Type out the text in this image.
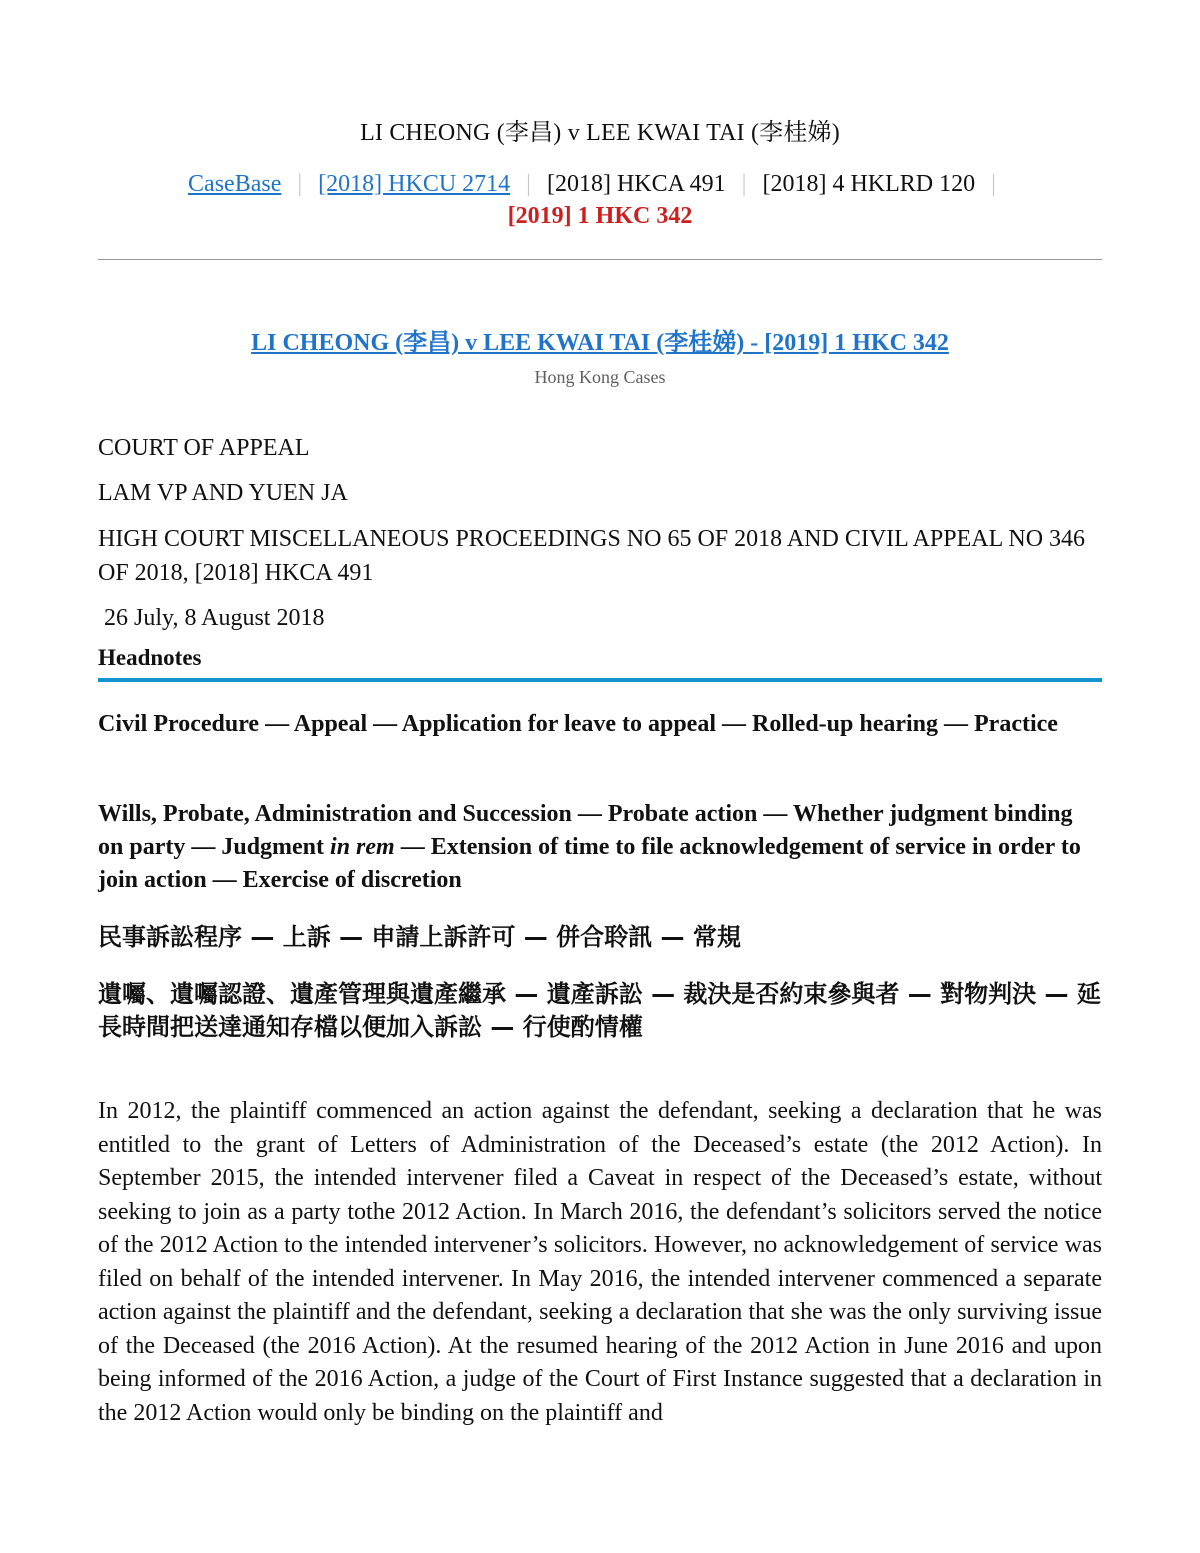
LI CHEONG (李昌) v LEE KWAI TAI (李桂娣)
CaseBase | [2018] HKCU 2714 | [2018] HKCA 491 | [2018] 4 HKLRD 120 |
[2019] 1 HKC 342
LI CHEONG (李昌) v LEE KWAI TAI (李桂娣) - [2019] 1 HKC 342
Hong Kong Cases
COURT OF APPEAL
LAM VP AND YUEN JA
HIGH COURT MISCELLANEOUS PROCEEDINGS NO 65 OF 2018 AND CIVIL APPEAL NO 346 OF 2018, [2018] HKCA 491
26 July, 8 August 2018
Headnotes
Civil Procedure — Appeal — Application for leave to appeal — Rolled-up hearing — Practice
Wills, Probate, Administration and Succession — Probate action — Whether judgment binding on party — Judgment in rem — Extension of time to file acknowledgement of service in order to join action — Exercise of discretion
民事訴訟程序 — 上訴 — 申請上訴許可 — 併合聆訊 — 常規
遺囑、遺囑認證、遺產管理與遺產繼承 — 遺產訴訟 — 裁決是否約束參與者 — 對物判決 — 延長時間把送達通知存檔以便加入訴訟 — 行使酌情權

In 2012, the plaintiff commenced an action against the defendant, seeking a declaration that he was entitled to the grant of Letters of Administration of the Deceased’s estate (the 2012 Action). In September 2015, the intended intervener filed a Caveat in respect of the Deceased’s estate, without seeking to join as a party tothe 2012 Action. In March 2016, the defendant’s solicitors served the notice of the 2012 Action to the intended intervener’s solicitors. However, no acknowledgement of service was filed on behalf of the intended intervener. In May 2016, the intended intervener commenced a separate action against the plaintiff and the defendant, seeking a declaration that she was the only surviving issue of the Deceased (the 2016 Action). At the resumed hearing of the 2012 Action in June 2016 and upon being informed of the 2016 Action, a judge of the Court of First Instance suggested that a declaration in the 2012 Action would only be binding on the plaintiff and
